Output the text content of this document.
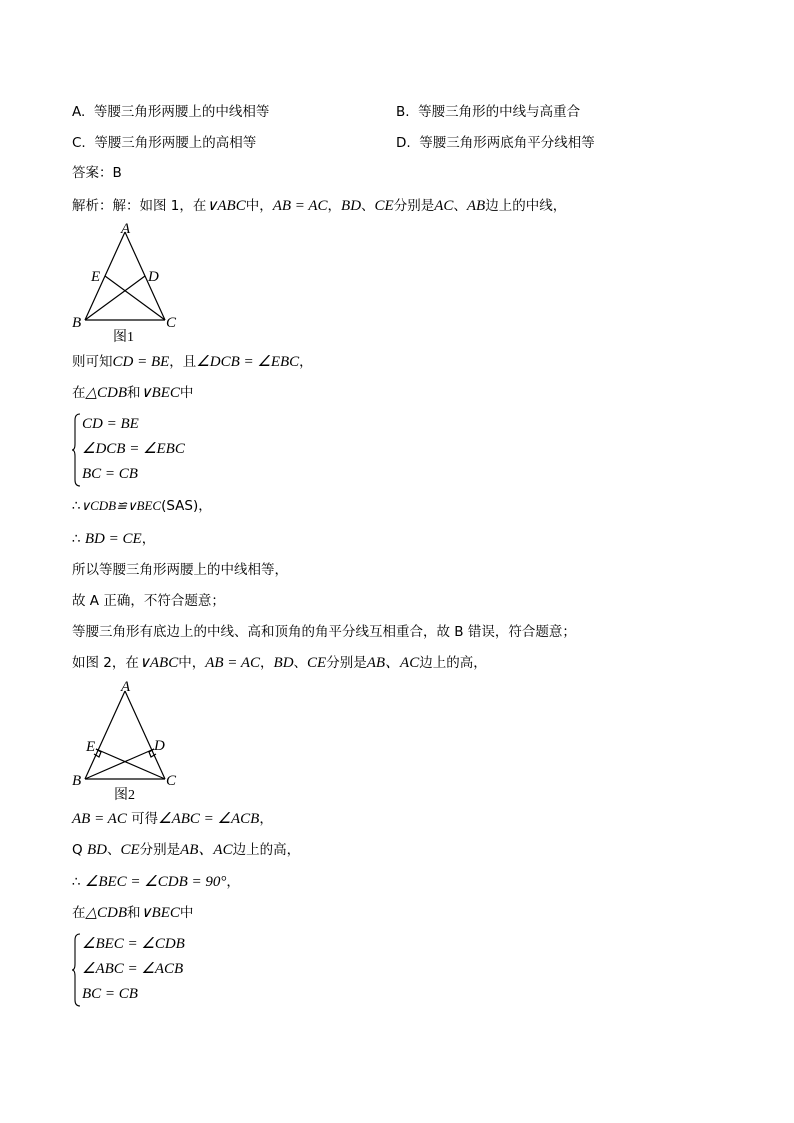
A. 等腰三角形两腰上的中线相等	B. 等腰三角形的中线与高重合
C. 等腰三角形两腰上的高相等	D. 等腰三角形两底角平分线相等
答案：B
解析：解：如图 1，在∨ABC中，AB = AC，BD、CE分别是AC、AB边上的中线，
A
E	D
B	C
图1
则可知CD = BE，且∠DCB = ∠EBC，
在△CDB和∨BEC中
CD = BE
∠DCB = ∠EBC
BC = CB
∴∨CDB≌∨BEC(SAS)，
∴ BD = CE，
所以等腰三角形两腰上的中线相等，
故 A 正确，不符合题意；
等腰三角形有底边上的中线、高和顶角的角平分线互相重合，故 B 错误，符合题意；
如图 2，在∨ABC中，AB = AC，BD、CE分别是AB、AC边上的高，
A
E	D
B	C
图2
AB = AC 可得∠ABC = ∠ACB，
Q BD、CE分别是AB、AC边上的高，
∴ ∠BEC = ∠CDB = 90°，
在△CDB和∨BEC中
∠BEC = ∠CDB
∠ABC = ∠ACB
BC = CB
